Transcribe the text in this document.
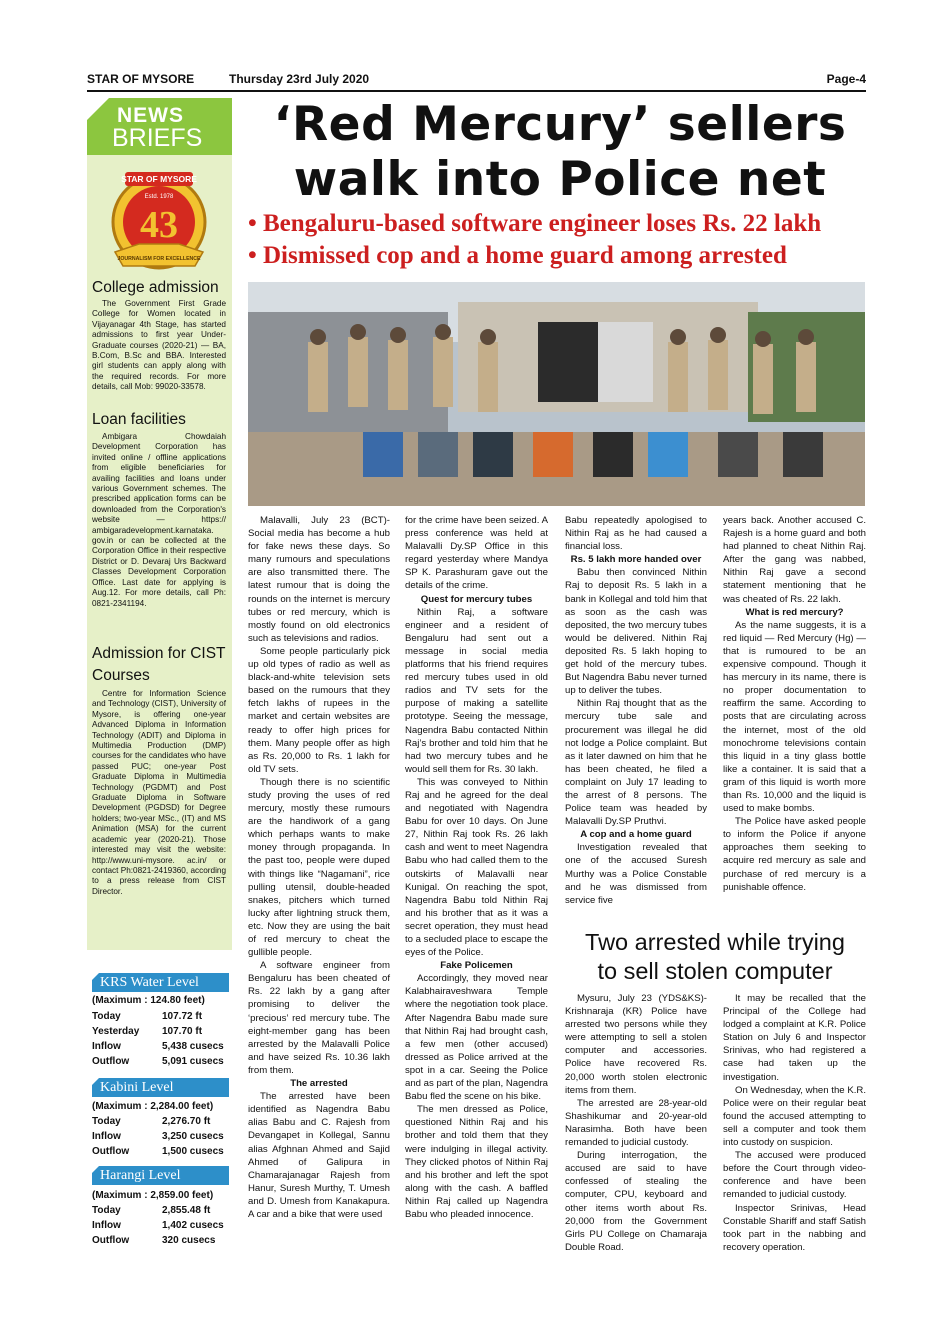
STAR OF MYSORE	Thursday 23rd July 2020	Page-4
NEWS
BRIEFS
STAR OF MYSORE
Estd. 1978
43
JOURNALISM FOR EXCELLENCE
College admission
The Government First Grade College for Women located in Vijayanagar 4th Stage, has started admissions to first year Under-Graduate courses (2020-21) — BA, B.Com, B.Sc and BBA. Interested girl students can apply along with the required records. For more details, call Mob: 99020-33578.
Loan facilities
Ambigara Chowdaiah Development Corporation has invited online / offline applications from eligible beneficiaries for availing facilities and loans under various Government schemes. The prescribed application forms can be downloaded from the Corporation's website — https:// ambigaradevelopment.karnataka. gov.in or can be collected at the Corporation Office in their respective District or D. Devaraj Urs Backward Classes Development Corporation Office. Last date for applying is Aug.12. For more details, call Ph: 0821-2341194.
Admission for CIST Courses
Centre for Information Science and Technology (CIST), University of Mysore, is offering one-year Advanced Diploma in Information Technology (ADIT) and Diploma in Multimedia Production (DMP) courses for the candidates who have passed PUC; one-year Post Graduate Diploma in Multimedia Technology (PGDMT) and Post Graduate Diploma in Software Development (PGDSD) for Degree holders; two-year MSc., (IT) and MS Animation (MSA) for the current academic year (2020-21). Those interested may visit the website: http://www.uni-mysore. ac.in/ or contact Ph:0821-2419360, according to a press release from CIST Director.
KRS Water Level
(Maximum : 124.80 feet)
Today	107.72 ft
Yesterday 107.70 ft
Inflow	5,438 cusecs
Outflow	5,091 cusecs
Kabini Level
(Maximum : 2,284.00 feet)
Today	2,276.70 ft
Inflow	3,250 cusecs
Outflow	1,500 cusecs
Harangi Level
(Maximum : 2,859.00 feet)
Today	2,855.48 ft
Inflow	1,402 cusecs
Outflow	320 cusecs
‘Red Mercury’ sellers
walk into Police net
• Bengaluru-based software engineer loses Rs. 22 lakh
• Dismissed cop and a home guard among arrested

Malavalli, July 23 (BCT)- Social media has become a hub for fake news these days. So many rumours and speculations are also transmitted there. The latest rumour that is doing the rounds on the internet is mercury tubes or red mercury, which is mostly found on old electronics such as televisions and radios.

Some people particularly pick up old types of radio as well as black-and-white television sets based on the rumours that they fetch lakhs of rupees in the market and certain websites are ready to offer high prices for them. Many people offer as high as Rs. 20,000 to Rs. 1 lakh for old TV sets.

Though there is no scientific study proving the uses of red mercury, mostly these rumours are the handiwork of a gang which perhaps wants to make money through propaganda. In the past too, people were duped with things like “Nagamani”, rice pulling utensil, double-headed snakes, pitchers which turned lucky after lightning struck them, etc. Now they are using the bait of red mercury to cheat the gullible people.

A software engineer from Bengaluru has been cheated of Rs. 22 lakh by a gang after promising to deliver the ‘precious’ red mercury tube. The eight-member gang has been arrested by the Malavalli Police and have seized Rs. 10.36 lakh from them.

The arrested

The arrested have been identified as Nagendra Babu alias Babu and C. Rajesh from Devangapet in Kollegal, Sannu alias Afghnan Ahmed and Sajid Ahmed of Galipura in Chamarajanagar Rajesh from Hanur, Suresh Murthy, T. Umesh and D. Umesh from Kanakapura. A car and a bike that were used

for the crime have been seized. A press conference was held at Malavalli Dy.SP Office in this regard yesterday where Mandya SP K. Parashuram gave out the details of the crime.

Quest for mercury tubes

Nithin Raj, a software engineer and a resident of Bengaluru had sent out a message in social media platforms that his friend requires red mercury tubes used in old radios and TV sets for the purpose of making a satellite prototype. Seeing the message, Nagendra Babu contacted Nithin Raj’s brother and told him that he had two mercury tubes and he would sell them for Rs. 30 lakh.

This was conveyed to Nithin Raj and he agreed for the deal and negotiated with Nagendra Babu for over 10 days. On June 27, Nithin Raj took Rs. 26 lakh cash and went to meet Nagendra Babu who had called them to the outskirts of Malavalli near Kunigal. On reaching the spot, Nagendra Babu told Nithin Raj and his brother that as it was a secret operation, they must head to a secluded place to escape the eyes of the Police.

Fake Policemen

Accordingly, they moved near Kalabhairaveshwara Temple where the negotiation took place. After Nagendra Babu made sure that Nithin Raj had brought cash, a few men (other accused) dressed as Police arrived at the spot in a car. Seeing the Police and as part of the plan, Nagendra Babu fled the scene on his bike.

The men dressed as Police, questioned Nithin Raj and his brother and told them that they were indulging in illegal activity. They clicked photos of Nithin Raj and his brother and left the spot along with the cash. A baffled Nithin Raj called up Nagendra Babu who pleaded innocence.

Babu repeatedly apologised to Nithin Raj as he had caused a financial loss.

Rs. 5 lakh more handed over

Babu then convinced Nithin Raj to deposit Rs. 5 lakh in a bank in Kollegal and told him that as soon as the cash was deposited, the two mercury tubes would be delivered. Nithin Raj deposited Rs. 5 lakh hoping to get hold of the mercury tubes. But Nagendra Babu never turned up to deliver the tubes.

Nithin Raj thought that as the mercury tube sale and procurement was illegal he did not lodge a Police complaint. But as it later dawned on him that he has been cheated, he filed a complaint on July 17 leading to the arrest of 8 persons. The Police team was headed by Malavalli Dy.SP Pruthvi.

A cop and a home guard

Investigation revealed that one of the accused Suresh Murthy was a Police Constable and he was dismissed from service five

years back. Another accused C. Rajesh is a home guard and both had planned to cheat Nithin Raj. After the gang was nabbed, Nithin Raj gave a second statement mentioning that he was cheated of Rs. 22 lakh.

What is red mercury?

As the name suggests, it is a red liquid — Red Mercury (Hg) — that is rumoured to be an expensive compound. Though it has mercury in its name, there is no proper documentation to reaffirm the same. According to posts that are circulating across the internet, most of the old monochrome televisions contain this liquid in a tiny glass bottle like a container. It is said that a gram of this liquid is worth more than Rs. 10,000 and the liquid is used to make bombs.

The Police have asked people to inform the Police if anyone approaches them seeking to acquire red mercury as sale and purchase of red mercury is a punishable offence.

Two arrested while trying
to sell stolen computer

Mysuru, July 23 (YDS&KS)- Krishnaraja (KR) Police have arrested two persons while they were attempting to sell a stolen computer and accessories. Police have recovered Rs. 20,000 worth stolen electronic items from them.

The arrested are 28-year-old Shashikumar and 20-year-old Narasimha. Both have been remanded to judicial custody.

During interrogation, the accused are said to have confessed of stealing the computer, CPU, keyboard and other items worth about Rs. 20,000 from the Government Girls PU College on Chamaraja Double Road.

It may be recalled that the Principal of the College had lodged a complaint at K.R. Police Station on July 6 and Inspector Srinivas, who had registered a case had taken up the investigation.

On Wednesday, when the K.R. Police were on their regular beat found the accused attempting to sell a computer and took them into custody on suspicion.

The accused were produced before the Court through video-conference and have been remanded to judicial custody.

Inspector Srinivas, Head Constable Shariff and staff Satish took part in the nabbing and recovery operation.
